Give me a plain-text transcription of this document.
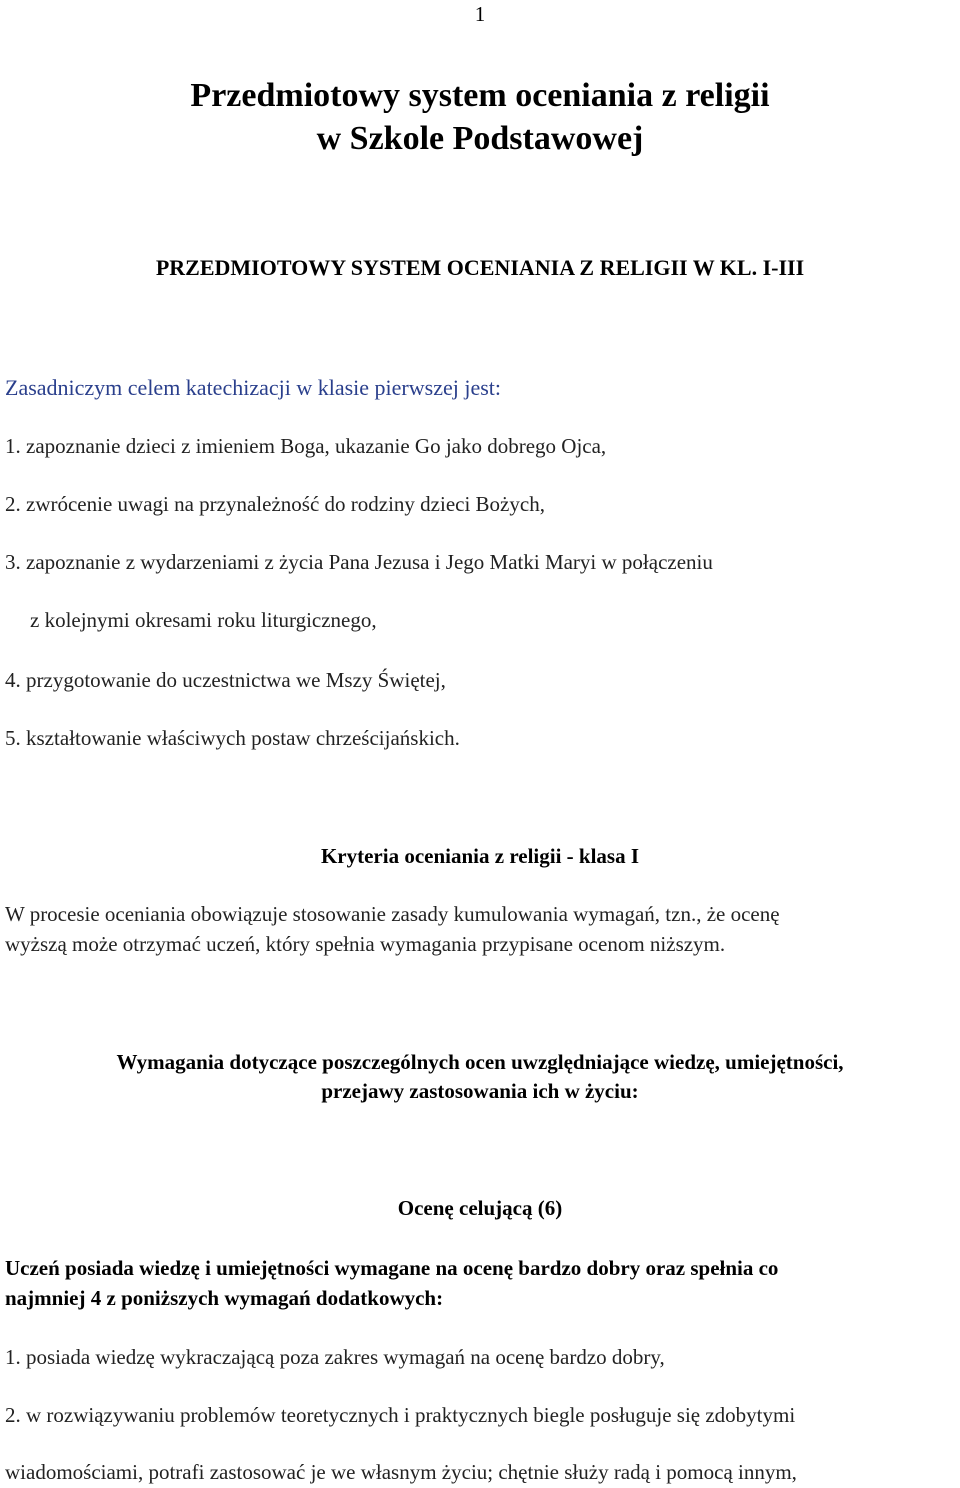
1
Przedmiotowy system oceniania z religii
w Szkole Podstawowej
PRZEDMIOTOWY SYSTEM OCENIANIA Z RELIGII W KL. I-III
Zasadniczym celem katechizacji w klasie pierwszej jest:
1. zapoznanie dzieci z imieniem Boga, ukazanie Go jako dobrego Ojca,
2. zwrócenie uwagi na przynależność do rodziny dzieci Bożych,
3. zapoznanie z wydarzeniami z życia Pana Jezusa i Jego Matki Maryi w połączeniu
z kolejnymi okresami roku liturgicznego,
4. przygotowanie do uczestnictwa we Mszy Świętej,
5. kształtowanie właściwych postaw chrześcijańskich.
Kryteria oceniania z religii - klasa I
W procesie oceniania obowiązuje stosowanie zasady kumulowania wymagań, tzn., że ocenę
wyższą może otrzymać uczeń, który spełnia wymagania przypisane ocenom niższym.
Wymagania dotyczące poszczególnych ocen uwzględniające wiedzę, umiejętności,
przejawy zastosowania ich w życiu:
Ocenę celującą (6)
Uczeń posiada wiedzę i umiejętności wymagane na ocenę bardzo dobry oraz spełnia co
najmniej 4 z poniższych wymagań dodatkowych:
1. posiada wiedzę wykraczającą poza zakres wymagań na ocenę bardzo dobry,
2. w rozwiązywaniu problemów teoretycznych i praktycznych biegle posługuje się zdobytymi
wiadomościami, potrafi zastosować je we własnym życiu; chętnie służy radą i pomocą innym,
